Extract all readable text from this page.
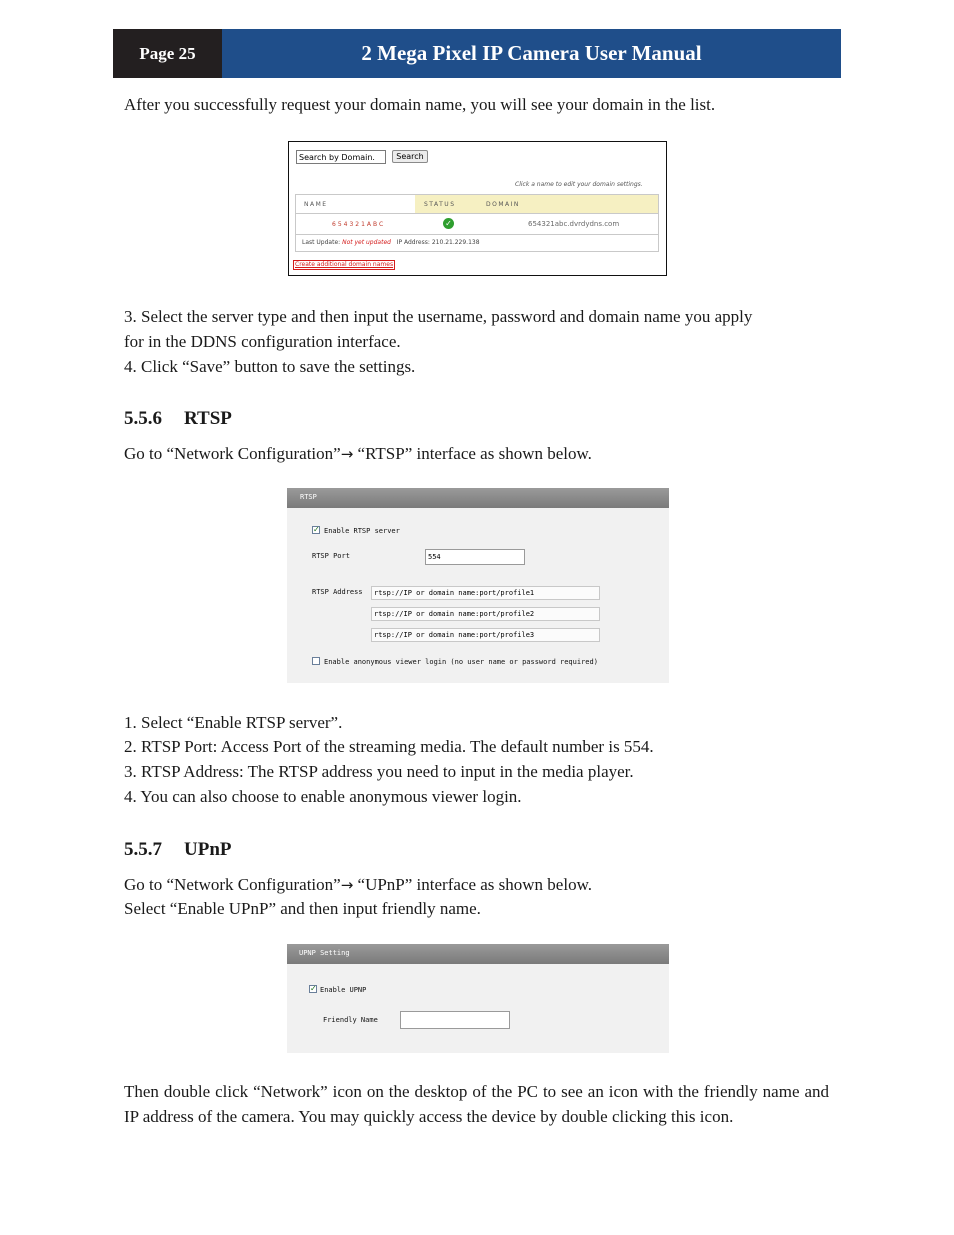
Page 25	2 Mega Pixel IP Camera User Manual
After you successfully request your domain name, you will see your domain in the list.
Search by Domain.	Search
Click a name to edit your domain settings.
NAME	STATUS	DOMAIN
654321ABC	✓	654321abc.dvrdydns.com
Last Update: Not yet updated IP Address: 210.21.229.138
Create additional domain names
3. Select the server type and then input the username, password and domain name you apply
for in the DDNS configuration interface.
4. Click “Save” button to save the settings.
5.5.6 RTSP
Go to “Network Configuration”→ “RTSP” interface as shown below.
RTSP
✓ Enable RTSP server
RTSP Port	554
RTSP Address	rtsp://IP or domain name:port/profile1
rtsp://IP or domain name:port/profile2
rtsp://IP or domain name:port/profile3
Enable anonymous viewer login (no user name or password required)
1. Select “Enable RTSP server”.
2. RTSP Port: Access Port of the streaming media. The default number is 554.
3. RTSP Address: The RTSP address you need to input in the media player.
4. You can also choose to enable anonymous viewer login.
5.5.7 UPnP
Go to “Network Configuration”→ “UPnP” interface as shown below.
Select “Enable UPnP” and then input friendly name.
UPNP Setting
✓ Enable UPNP
Friendly Name
Then double click “Network” icon on the desktop of the PC to see an icon with the friendly name and IP address of the camera. You may quickly access the device by double clicking this icon.
